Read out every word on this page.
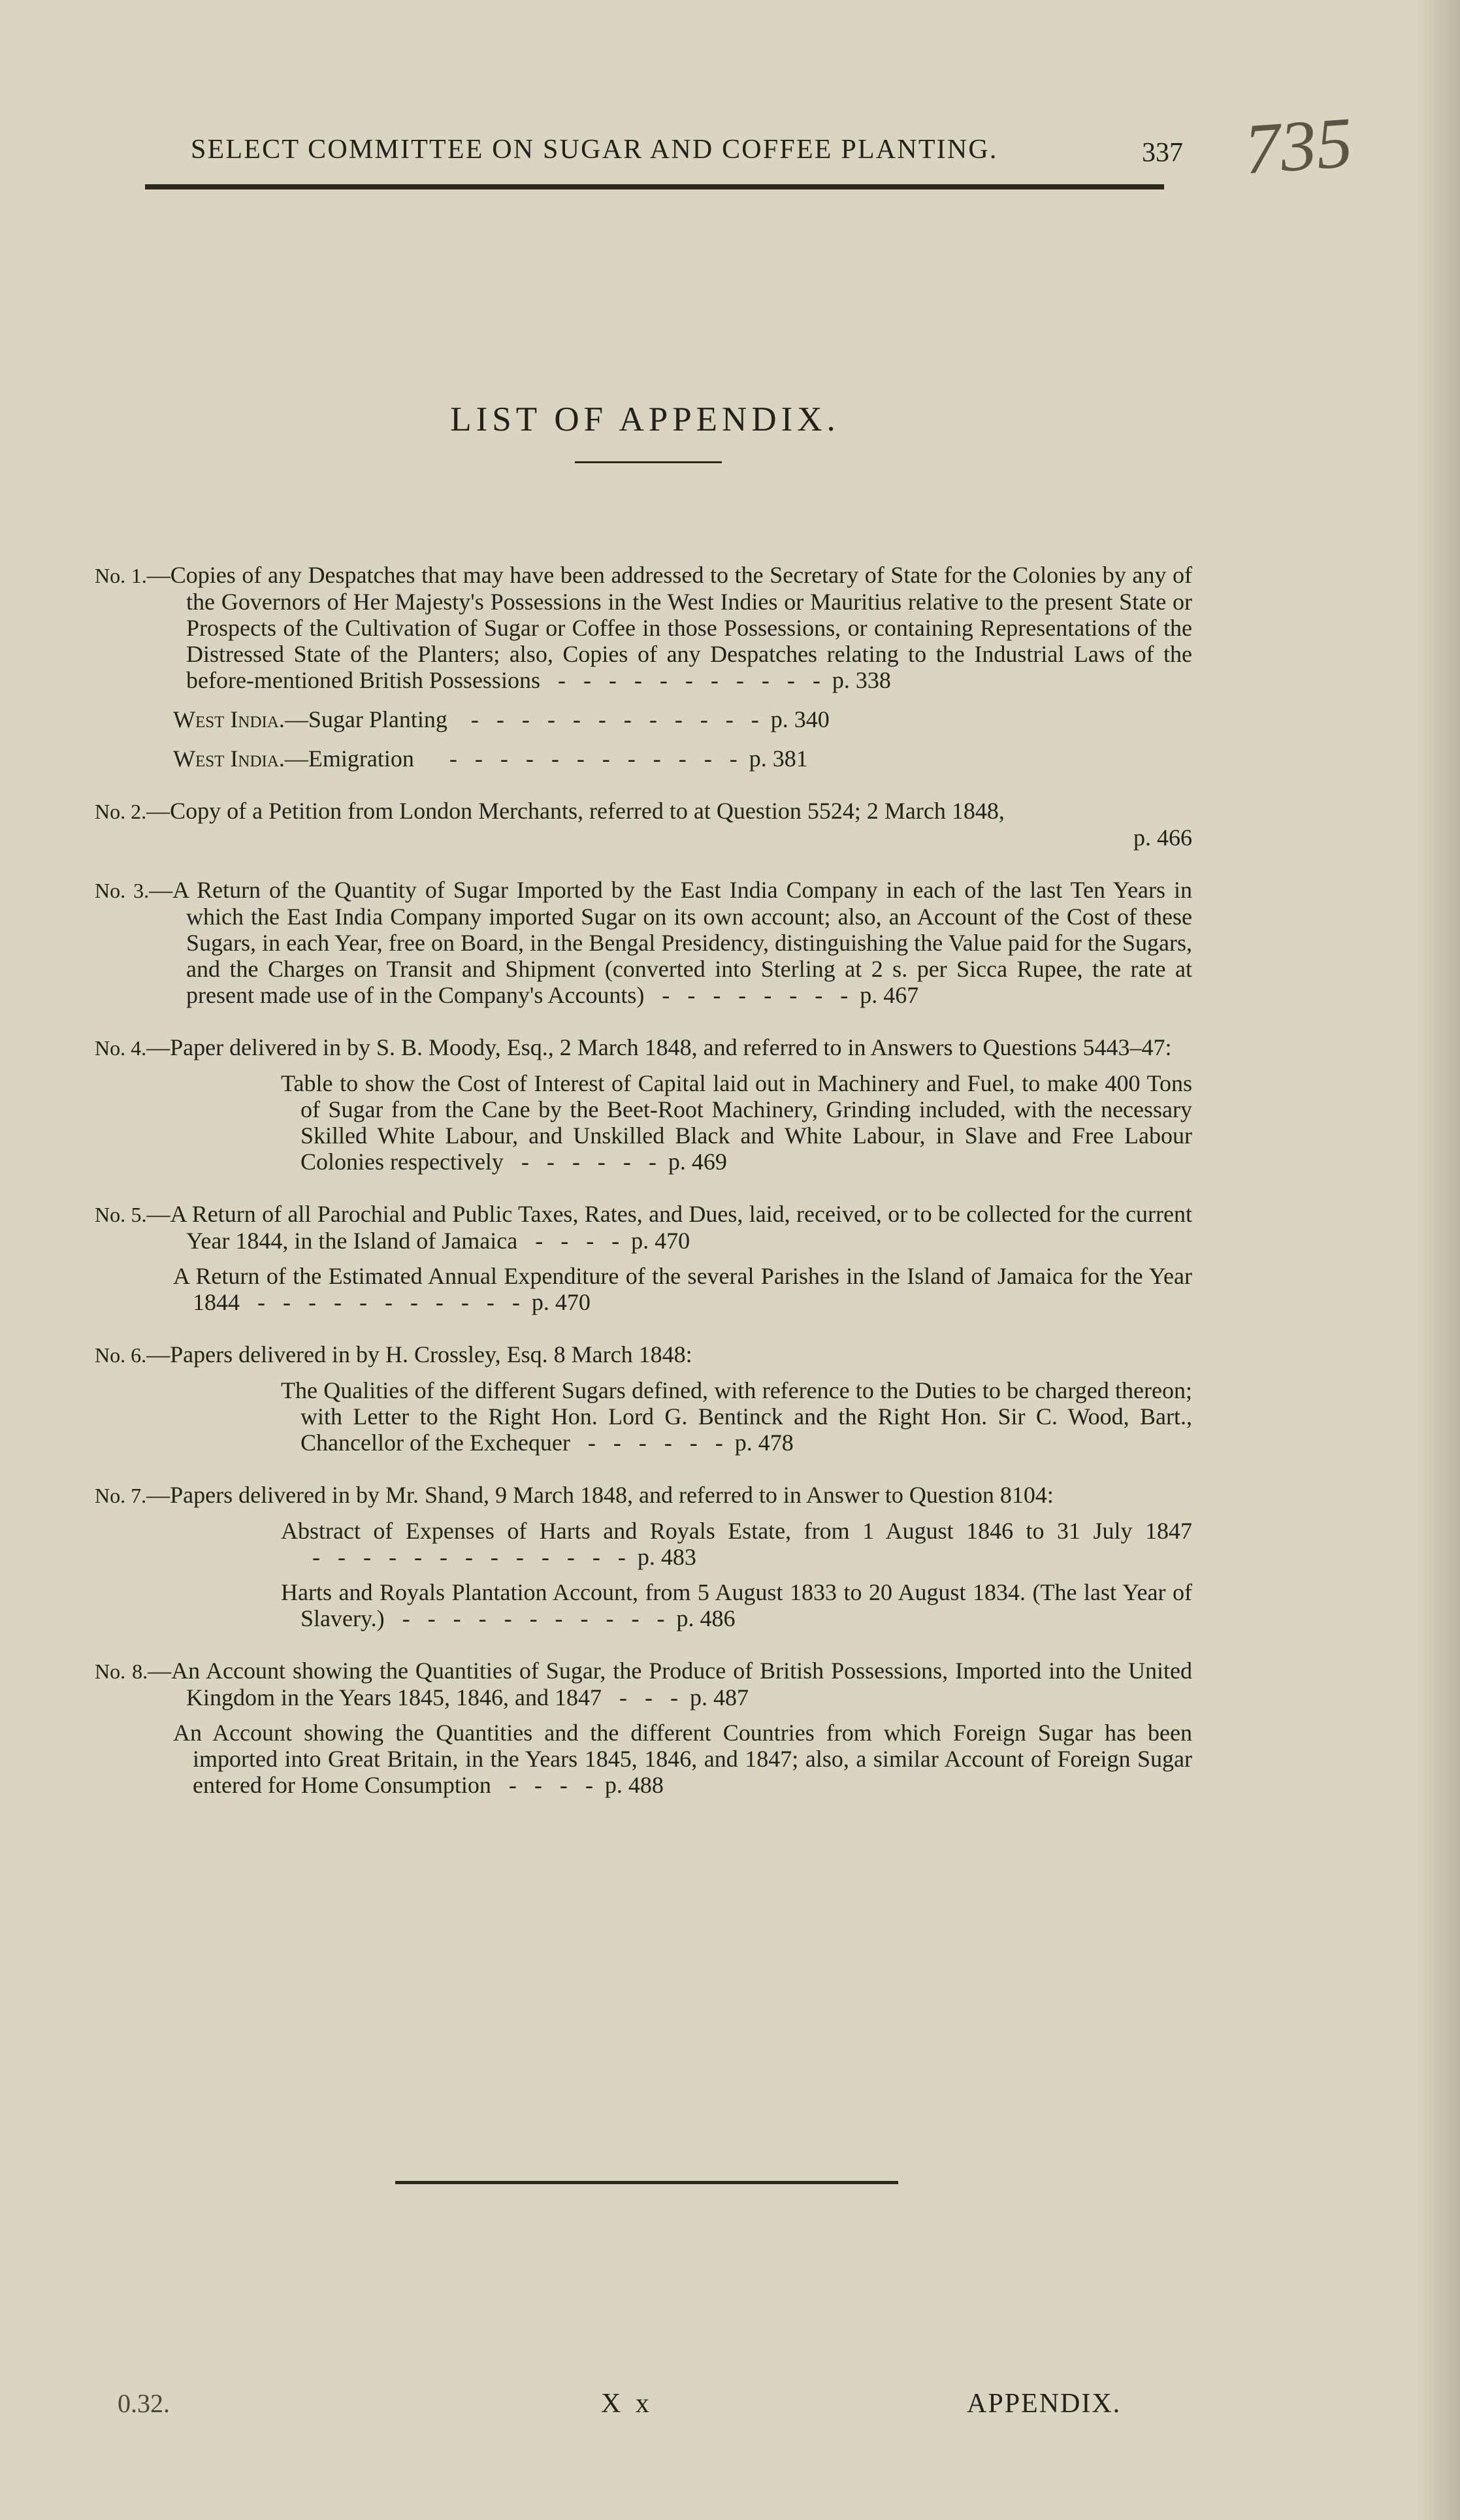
SELECT COMMITTEE ON SUGAR AND COFFEE PLANTING.	337 735
LIST OF APPENDIX.

No. 1.—Copies of any Despatches that may have been addressed to the Secretary of State for the Colonies by any of the Governors of Her Majesty's Possessions in the West Indies or Mauritius relative to the present State or Prospects of the Cultivation of Sugar or Coffee in those Possessions, or containing Representations of the Distressed State of the Planters; also, Copies of any Despatches relating to the Industrial Laws of the before-mentioned British Possessions   -   -   -   -   -   -   -   -   -   -   -  p. 338

West India.—Sugar Planting    -   -   -   -   -   -   -   -   -   -   -   -  p. 340

West India.—Emigration      -   -   -   -   -   -   -   -   -   -   -   -  p. 381

No. 2.—Copy of a Petition from London Merchants, referred to at Question 5524; 2 March 1848,
p. 466

No. 3.—A Return of the Quantity of Sugar Imported by the East India Company in each of the last Ten Years in which the East India Company imported Sugar on its own account; also, an Account of the Cost of these Sugars, in each Year, free on Board, in the Bengal Presidency, distinguishing the Value paid for the Sugars, and the Charges on Transit and Shipment (converted into Sterling at 2 s. per Sicca Rupee, the rate at present made use of in the Company's Accounts)   -   -   -   -   -   -   -   -  p. 467

No. 4.—Paper delivered in by S. B. Moody, Esq., 2 March 1848, and referred to in Answers to Questions 5443–47:

Table to show the Cost of Interest of Capital laid out in Machinery and Fuel, to make 400 Tons of Sugar from the Cane by the Beet-Root Machinery, Grinding included, with the necessary Skilled White Labour, and Unskilled Black and White Labour, in Slave and Free Labour Colonies respectively   -   -   -   -   -   -  p. 469

No. 5.—A Return of all Parochial and Public Taxes, Rates, and Dues, laid, received, or to be collected for the current Year 1844, in the Island of Jamaica   -   -   -   -  p. 470

A Return of the Estimated Annual Expenditure of the several Parishes in the Island of Jamaica for the Year 1844   -   -   -   -   -   -   -   -   -   -   -  p. 470

No. 6.—Papers delivered in by H. Crossley, Esq. 8 March 1848:

The Qualities of the different Sugars defined, with reference to the Duties to be charged thereon; with Letter to the Right Hon. Lord G. Bentinck and the Right Hon. Sir C. Wood, Bart., Chancellor of the Exchequer   -   -   -   -   -   -  p. 478

No. 7.—Papers delivered in by Mr. Shand, 9 March 1848, and referred to in Answer to Question 8104:

Abstract of Expenses of Harts and Royals Estate, from 1 August 1846 to 31 July 1847   -   -   -   -   -   -   -   -   -   -   -   -   -  p. 483

Harts and Royals Plantation Account, from 5 August 1833 to 20 August 1834. (The last Year of Slavery.)   -   -   -   -   -   -   -   -   -   -   -  p. 486

No. 8.—An Account showing the Quantities of Sugar, the Produce of British Possessions, Imported into the United Kingdom in the Years 1845, 1846, and 1847   -   -   -  p. 487

An Account showing the Quantities and the different Countries from which Foreign Sugar has been imported into Great Britain, in the Years 1845, 1846, and 1847; also, a similar Account of Foreign Sugar entered for Home Consumption   -   -   -   -  p. 488

0.32.	X x	APPENDIX.
